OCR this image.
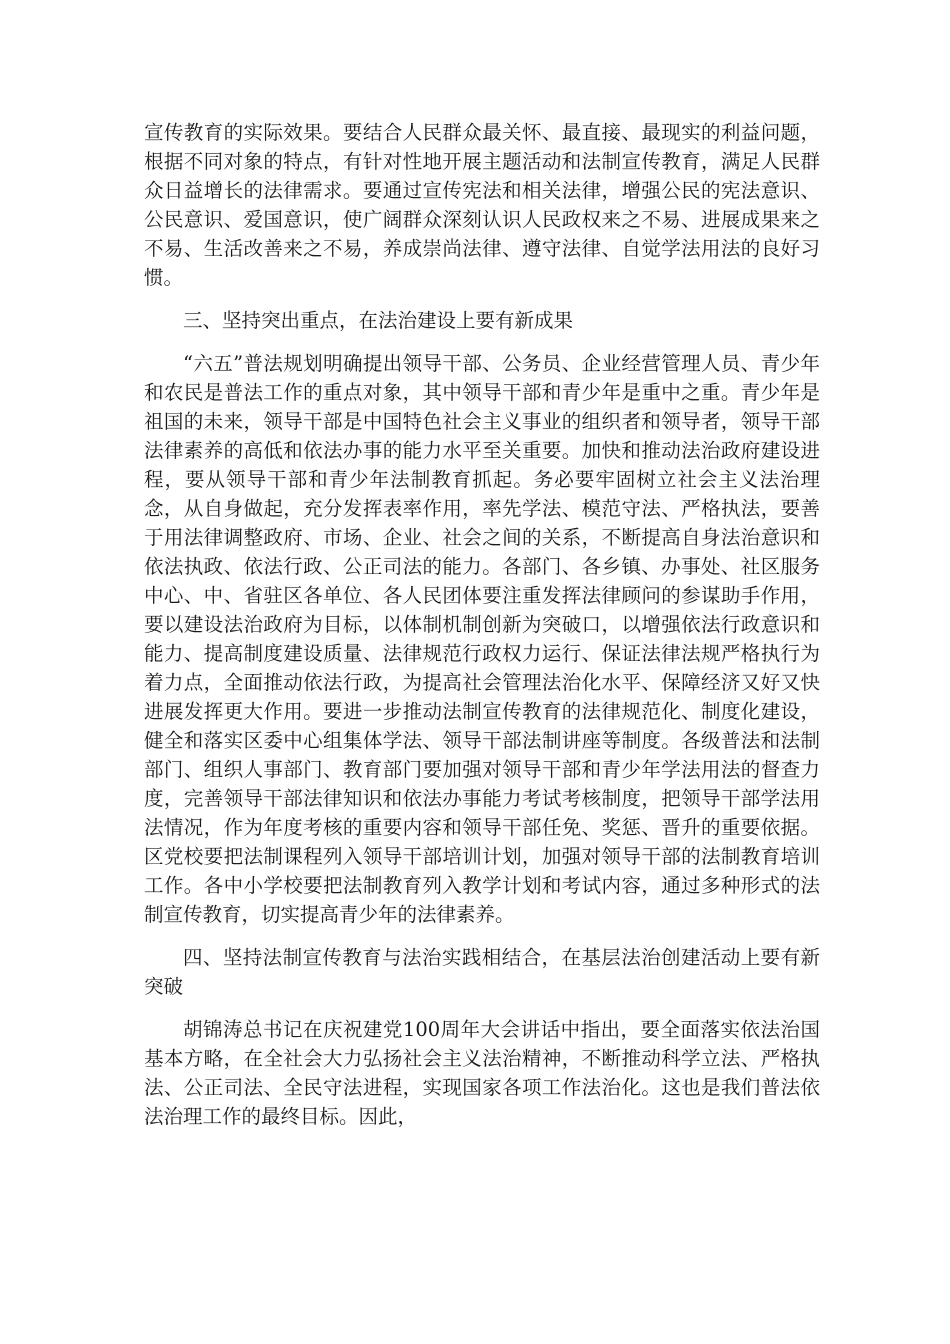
宣传教育的实际效果。要结合人民群众最关怀、最直接、最现实的利益问题，根据不同对象的特点，有针对性地开展主题活动和法制宣传教育，满足人民群众日益增长的法律需求。要通过宣传宪法和相关法律，增强公民的宪法意识、公民意识、爱国意识，使广阔群众深刻认识人民政权来之不易、进展成果来之不易、生活改善来之不易，养成崇尚法律、遵守法律、自觉学法用法的良好习惯。

三、坚持突出重点，在法治建设上要有新成果

“六五”普法规划明确提出领导干部、公务员、企业经营管理人员、青少年和农民是普法工作的重点对象，其中领导干部和青少年是重中之重。青少年是祖国的未来，领导干部是中国特色社会主义事业的组织者和领导者，领导干部法律素养的高低和依法办事的能力水平至关重要。加快和推动法治政府建设进程，要从领导干部和青少年法制教育抓起。务必要牢固树立社会主义法治理念，从自身做起，充分发挥表率作用，率先学法、模范守法、严格执法，要善于用法律调整政府、市场、企业、社会之间的关系，不断提高自身法治意识和依法执政、依法行政、公正司法的能力。各部门、各乡镇、办事处、社区服务中心、中、省驻区各单位、各人民团体要注重发挥法律顾问的参谋助手作用，要以建设法治政府为目标，以体制机制创新为突破口，以增强依法行政意识和能力、提高制度建设质量、法律规范行政权力运行、保证法律法规严格执行为着力点，全面推动依法行政，为提高社会管理法治化水平、保障经济又好又快进展发挥更大作用。要进一步推动法制宣传教育的法律规范化、制度化建设，健全和落实区委中心组集体学法、领导干部法制讲座等制度。各级普法和法制部门、组织人事部门、教育部门要加强对领导干部和青少年学法用法的督查力度，完善领导干部法律知识和依法办事能力考试考核制度，把领导干部学法用法情况，作为年度考核的重要内容和领导干部任免、奖惩、晋升的重要依据。区党校要把法制课程列入领导干部培训计划，加强对领导干部的法制教育培训工作。各中小学校要把法制教育列入教学计划和考试内容，通过多种形式的法制宣传教育，切实提高青少年的法律素养。

四、坚持法制宣传教育与法治实践相结合，在基层法治创建活动上要有新突破

胡锦涛总书记在庆祝建党100周年大会讲话中指出，要全面落实依法治国基本方略，在全社会大力弘扬社会主义法治精神，不断推动科学立法、严格执法、公正司法、全民守法进程，实现国家各项工作法治化。这也是我们普法依法治理工作的最终目标。因此，
